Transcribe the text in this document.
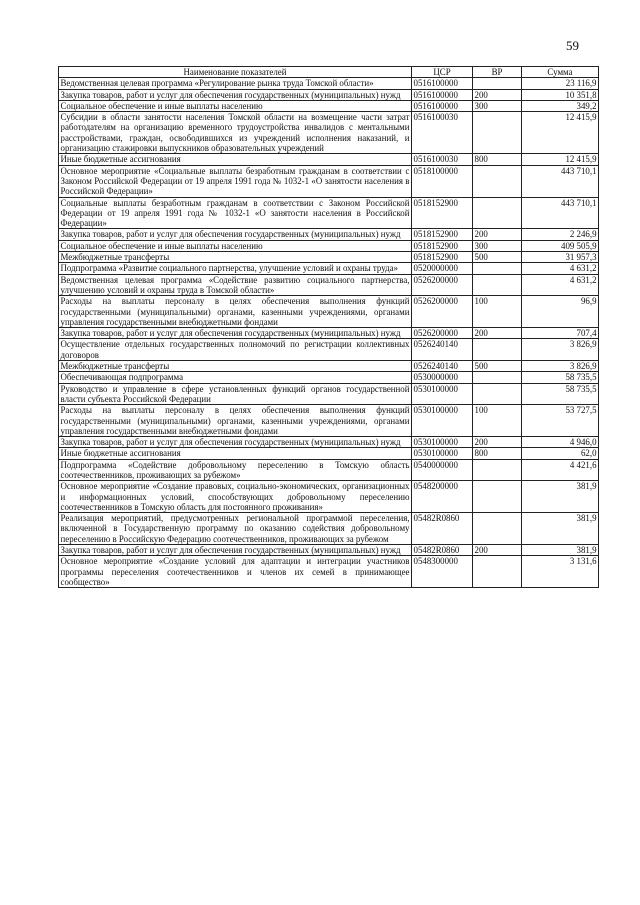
59
Наименование показателей	ЦСР	ВР	Сумма
Ведомственная целевая программа «Регулирование рынка труда Томской области»	0516100000		23 116,9
Закупка товаров, работ и услуг для обеспечения государственных (муниципальных) нужд	0516100000	200	10 351,8
Социальное обеспечение и иные выплаты населению	0516100000	300	349,2
Субсидии в области занятости населения Томской области на возмещение части затрат работодателям на организацию временного трудоустройства инвалидов с ментальными расстройствами, граждан, освободившихся из учреждений исполнения наказаний, и организацию стажировки выпускников образовательных учреждений	0516100030		12 415,9
Иные бюджетные ассигнования	0516100030	800	12 415,9
Основное мероприятие «Социальные выплаты безработным гражданам в соответствии с Законом Российской Федерации от 19 апреля 1991 года № 1032-1 «О занятости населения в Российской Федерации»	0518100000		443 710,1
Социальные выплаты безработным гражданам в соответствии с Законом Российской Федерации от 19 апреля 1991 года № 1032-1 «О занятости населения в Российской Федерации»	0518152900		443 710,1
Закупка товаров, работ и услуг для обеспечения государственных (муниципальных) нужд	0518152900	200	2 246,9
Социальное обеспечение и иные выплаты населению	0518152900	300	409 505,9
Межбюджетные трансферты	0518152900	500	31 957,3
Подпрограмма «Развитие социального партнерства, улучшение условий и охраны труда»	0520000000		4 631,2
Ведомственная целевая программа «Содействие развитию социального партнерства, улучшению условий и охраны труда в Томской области»	0526200000		4 631,2
Расходы на выплаты персоналу в целях обеспечения выполнения функций государственными (муниципальными) органами, казенными учреждениями, органами управления государственными внебюджетными фондами	0526200000	100	96,9
Закупка товаров, работ и услуг для обеспечения государственных (муниципальных) нужд	0526200000	200	707,4
Осуществление отдельных государственных полномочий по регистрации коллективных договоров	0526240140		3 826,9
Межбюджетные трансферты	0526240140	500	3 826,9
Обеспечивающая подпрограмма	0530000000		58 735,5
Руководство и управление в сфере установленных функций органов государственной власти субъекта Российской Федерации	0530100000		58 735,5
Расходы на выплаты персоналу в целях обеспечения выполнения функций государственными (муниципальными) органами, казенными учреждениями, органами управления государственными внебюджетными фондами	0530100000	100	53 727,5
Закупка товаров, работ и услуг для обеспечения государственных (муниципальных) нужд	0530100000	200	4 946,0
Иные бюджетные ассигнования	0530100000	800	62,0
Подпрограмма «Содействие добровольному переселению в Томскую область соотечественников, проживающих за рубежом»	0540000000		4 421,6
Основное мероприятие «Создание правовых, социально-экономических, организационных и информационных условий, способствующих добровольному переселению соотечественников в Томскую область для постоянного проживания»	0548200000		381,9
Реализация мероприятий, предусмотренных региональной программой переселения, включенной в Государственную программу по оказанию содействия добровольному переселению в Российскую Федерацию соотечественников, проживающих за рубежом	05482R0860		381,9
Закупка товаров, работ и услуг для обеспечения государственных (муниципальных) нужд	05482R0860	200	381,9
Основное мероприятие «Создание условий для адаптации и интеграции участников программы переселения соотечественников и членов их семей в принимающее сообщество»	0548300000		3 131,6
